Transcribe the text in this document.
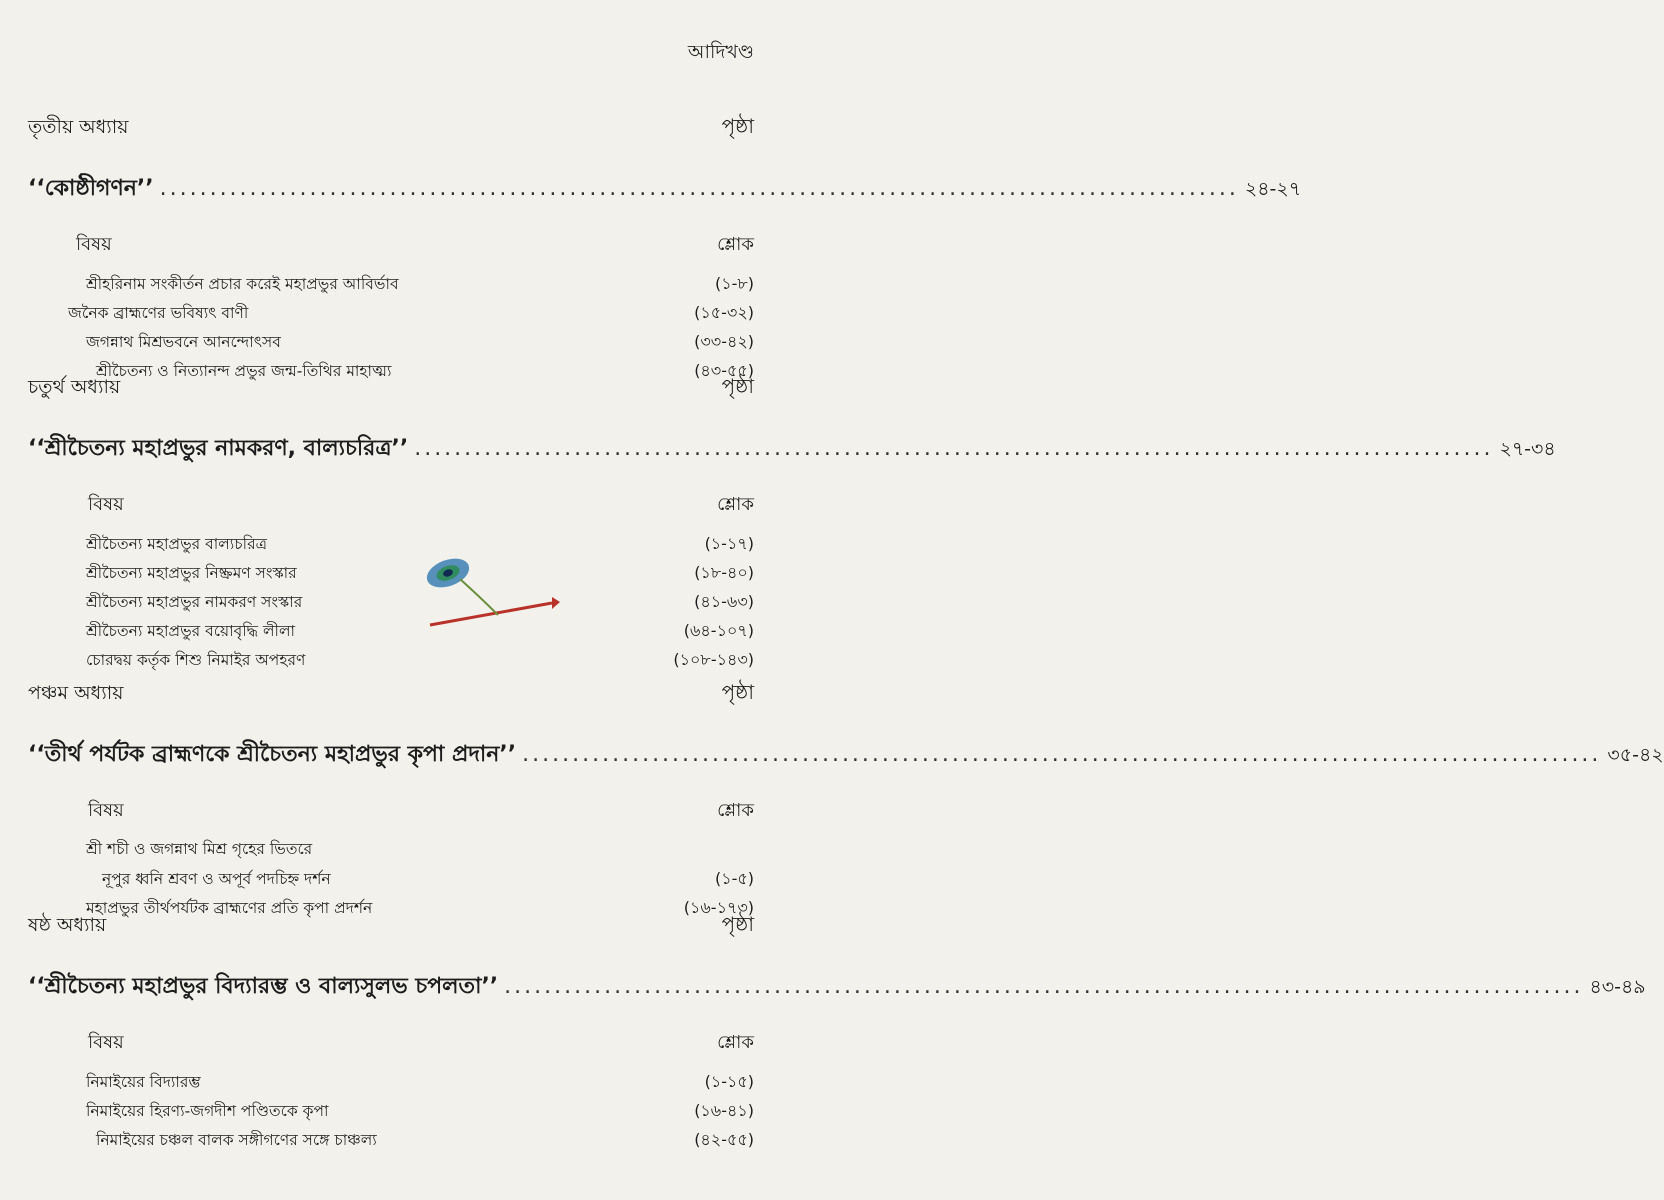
আদিখণ্ড
তৃতীয় অধ্যায়	পৃষ্ঠা
‘‘কোষ্ঠীগণন’’ ............................................................................................................ ২৪-২৭
বিষয়	শ্লোক
শ্রীহরিনাম সংকীর্তন প্রচার করেই মহাপ্রভুর আবির্ভাব	(১-৮)
জনৈক ব্রাহ্মণের ভবিষ্যৎ বাণী	(১৫-৩২)
জগন্নাথ মিশ্রভবনে আনন্দোৎসব	(৩৩-৪২)
শ্রীচৈতন্য ও নিত্যানন্দ প্রভুর জন্ম-তিথির মাহাত্ম্য	(৪৩-৫৫)
চতুর্থ অধ্যায়	পৃষ্ঠা
‘‘শ্রীচৈতন্য মহাপ্রভুর নামকরণ, বাল্যচরিত্র’’ ............................................................................................................ ২৭-৩৪
বিষয়	শ্লোক
শ্রীচৈতন্য মহাপ্রভুর বাল্যচরিত্র	(১-১৭)
শ্রীচৈতন্য মহাপ্রভুর নিষ্ক্রমণ সংস্কার	(১৮-৪০)
শ্রীচৈতন্য মহাপ্রভুর নামকরণ সংস্কার	(৪১-৬৩)
শ্রীচৈতন্য মহাপ্রভুর বয়োবৃদ্ধি লীলা	(৬৪-১০৭)
চোরদ্বয় কর্তৃক শিশু নিমাইর অপহরণ	(১০৮-১৪৩)
পঞ্চম অধ্যায়	পৃষ্ঠা
‘‘তীর্থ পর্যটক ব্রাহ্মণকে শ্রীচৈতন্য মহাপ্রভুর কৃপা প্রদান’’ ............................................................................................................ ৩৫-৪২
বিষয়	শ্লোক
শ্রী শচী ও জগন্নাথ মিশ্র গৃহের ভিতরে
নূপুর ধ্বনি শ্রবণ ও অপূর্ব পদচিহ্ন দর্শন	(১-৫)
মহাপ্রভুর তীর্থপর্যটক ব্রাহ্মণের প্রতি কৃপা প্রদর্শন	(১৬-১৭৩)
ষষ্ঠ অধ্যায়	পৃষ্ঠা
‘‘শ্রীচৈতন্য মহাপ্রভুর বিদ্যারম্ভ ও বাল্যসুলভ চপলতা’’ ............................................................................................................ ৪৩-৪৯
বিষয়	শ্লোক
নিমাইয়ের বিদ্যারম্ভ	(১-১৫)
নিমাইয়ের হিরণ্য-জগদীশ পণ্ডিতকে কৃপা	(১৬-৪১)
নিমাইয়ের চঞ্চল বালক সঙ্গীগণের সঙ্গে চাঞ্চল্য	(৪২-৫৫)
